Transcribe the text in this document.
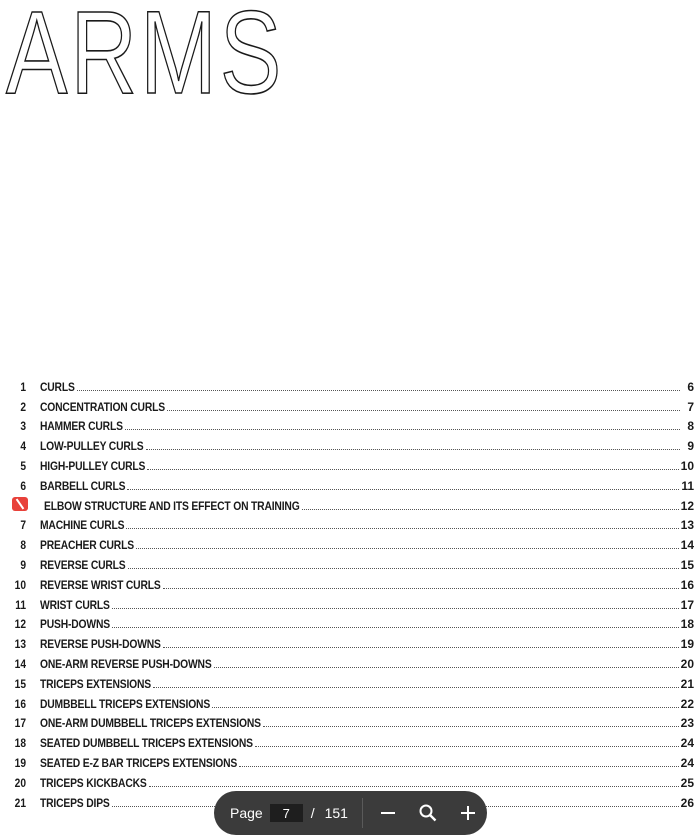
ARMS
1 CURLS	6
2 CONCENTRATION CURLS	7
3 HAMMER CURLS	8
4 LOW-PULLEY CURLS	9
5 HIGH-PULLEY CURLS	10
6 BARBELL CURLS	11
ELBOW STRUCTURE AND ITS EFFECT ON TRAINING	12
7 MACHINE CURLS	13
8 PREACHER CURLS	14
9 REVERSE CURLS	15
10 REVERSE WRIST CURLS	16
11 WRIST CURLS	17
12 PUSH-DOWNS	18
13 REVERSE PUSH-DOWNS	19
14 ONE-ARM REVERSE PUSH-DOWNS	20
15 TRICEPS EXTENSIONS	21
16 DUMBBELL TRICEPS EXTENSIONS	22
17 ONE-ARM DUMBBELL TRICEPS EXTENSIONS	23
18 SEATED DUMBBELL TRICEPS EXTENSIONS	24
19 SEATED E-Z BAR TRICEPS EXTENSIONS	24
20 TRICEPS KICKBACKS	25
21 TRICEPS DIPS	26
Page
7	/ 151
